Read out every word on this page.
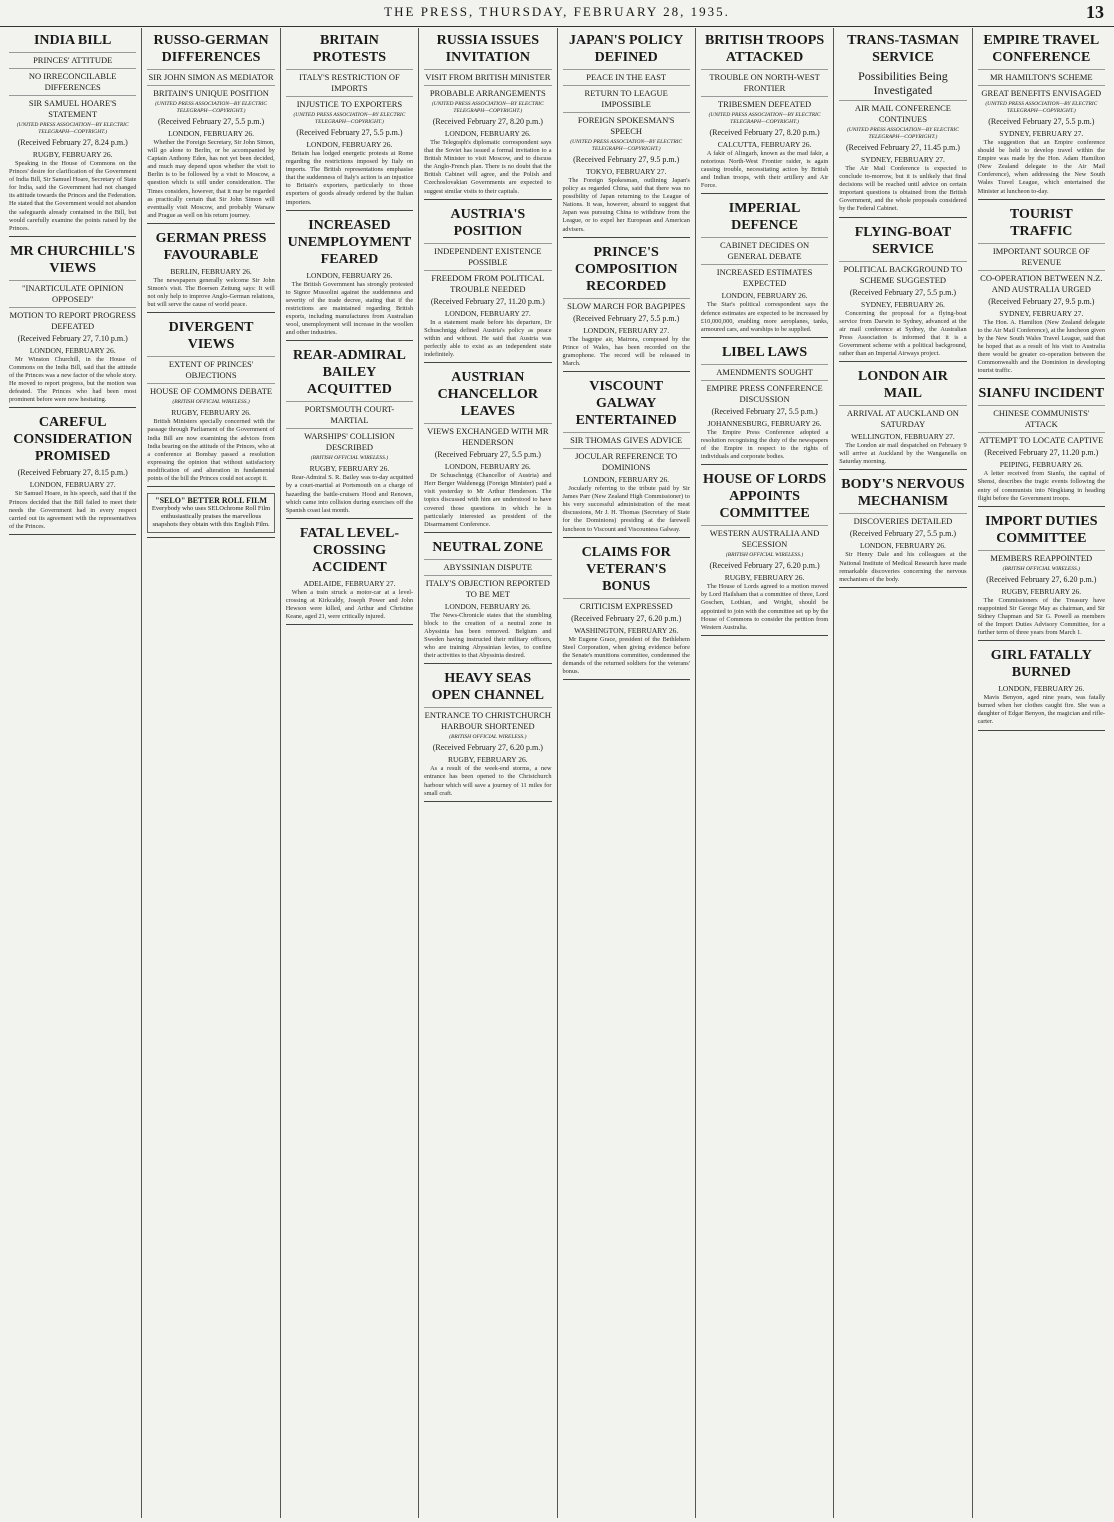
THE PRESS, THURSDAY, FEBRUARY 28, 1935.	13
INDIA BILL
PRINCES' ATTITUDE
NO IRRECONCILABLE DIFFERENCES
SIR SAMUEL HOARE'S STATEMENT
(UNITED PRESS ASSOCIATION—BY ELECTRIC TELEGRAPH—COPYRIGHT.)
(Received February 27, 8.24 p.m.)
RUGBY, FEBRUARY 26.
Speaking in the House of Commons on the Princes' desire for clarification of the Government of India Bill, Sir Samuel Hoare, Secretary of State for India, said the Government had not changed its attitude towards the Princes and the Federation. He stated that the Government would not abandon the safeguards already contained in the Bill, but would carefully examine the points raised by the Princes.
MR CHURCHILL'S VIEWS
"INARTICULATE OPINION OPPOSED"
MOTION TO REPORT PROGRESS DEFEATED
(Received February 27, 7.10 p.m.)
LONDON, FEBRUARY 26.
Mr Winston Churchill, in the House of Commons on the India Bill, said that the attitude of the Princes was a new factor of the whole story. He moved to report progress, but the motion was defeated. The Princes who had been most prominent before were now hesitating.
CAREFUL CONSIDERATION PROMISED
(Received February 27, 8.15 p.m.)
LONDON, FEBRUARY 27.
Sir Samuel Hoare, in his speech, said that if the Princes decided that the Bill failed to meet their needs the Government had in every respect carried out its agreement with the representatives of the Princes.
RUSSO-GERMAN DIFFERENCES
SIR JOHN SIMON AS MEDIATOR
BRITAIN'S UNIQUE POSITION
(UNITED PRESS ASSOCIATION—BY ELECTRIC TELEGRAPH—COPYRIGHT.)
(Received February 27, 5.5 p.m.)
LONDON, FEBRUARY 26.
Whether the Foreign Secretary, Sir John Simon, will go alone to Berlin, or be accompanied by Captain Anthony Eden, has not yet been decided, and much may depend upon whether the visit to Berlin is to be followed by a visit to Moscow, a question which is still under consideration. The Times considers, however, that it may be regarded as practically certain that Sir John Simon will eventually visit Moscow, and probably Warsaw and Prague as well on his return journey.
GERMAN PRESS FAVOURABLE
BERLIN, FEBRUARY 26.
The newspapers generally welcome Sir John Simon's visit. The Boersen Zeitung says: It will not only help to improve Anglo-German relations, but will serve the cause of world peace.
DIVERGENT VIEWS
EXTENT OF PRINCES' OBJECTIONS
HOUSE OF COMMONS DEBATE
(BRITISH OFFICIAL WIRELESS.)
RUGBY, FEBRUARY 26.
British Ministers specially concerned with the passage through Parliament of the Government of India Bill are now examining the advices from India bearing on the attitude of the Princes, who at a conference at Bombay passed a resolution expressing the opinion that without satisfactory modification of and alteration in fundamental points of the bill the Princes could not accept it.
"SELO" BETTER ROLL FILM
Everybody who uses SELOchrome Roll Film enthusiastically praises the marvellous snapshots they obtain with this English Film.
BRITAIN PROTESTS
ITALY'S RESTRICTION OF IMPORTS
INJUSTICE TO EXPORTERS
(UNITED PRESS ASSOCIATION—BY ELECTRIC TELEGRAPH—COPYRIGHT.)
(Received February 27, 5.5 p.m.)
LONDON, FEBRUARY 26.
Britain has lodged energetic protests at Rome regarding the restrictions imposed by Italy on imports. The British representations emphasise that the suddenness of Italy's action is an injustice to Britain's exporters, particularly to those exporters of goods already ordered by the Italian importers.
INCREASED UNEMPLOYMENT FEARED
LONDON, FEBRUARY 26.
The British Government has strongly protested to Signor Mussolini against the suddenness and severity of the trade decree, stating that if the restrictions are maintained regarding British exports, including manufactures from Australian wool, unemployment will increase in the woollen and other industries.
REAR-ADMIRAL BAILEY ACQUITTED
PORTSMOUTH COURT-MARTIAL
WARSHIPS' COLLISION DESCRIBED
(BRITISH OFFICIAL WIRELESS.)
RUGBY, FEBRUARY 26.
Rear-Admiral S. R. Bailey was to-day acquitted by a court-martial at Portsmouth on a charge of hazarding the battle-cruisers Hood and Renown, which came into collision during exercises off the Spanish coast last month.
FATAL LEVEL-CROSSING ACCIDENT
ADELAIDE, FEBRUARY 27.
When a train struck a motor-car at a level-crossing at Kirkcaldy, Joseph Power and John Hewson were killed, and Arthur and Christine Keane, aged 21, were critically injured.
RUSSIA ISSUES INVITATION
VISIT FROM BRITISH MINISTER
PROBABLE ARRANGEMENTS
(UNITED PRESS ASSOCIATION—BY ELECTRIC TELEGRAPH—COPYRIGHT.)
(Received February 27, 8.20 p.m.)
LONDON, FEBRUARY 26.
The Telegraph's diplomatic correspondent says that the Soviet has issued a formal invitation to a British Minister to visit Moscow, and to discuss the Anglo-French plan. There is no doubt that the British Cabinet will agree, and the Polish and Czechoslovakian Governments are expected to suggest similar visits to their capitals.
AUSTRIA'S POSITION
INDEPENDENT EXISTENCE POSSIBLE
FREEDOM FROM POLITICAL TROUBLE NEEDED
(Received February 27, 11.20 p.m.)
LONDON, FEBRUARY 27.
In a statement made before his departure, Dr Schuschnigg defined Austria's policy as peace within and without. He said that Austria was perfectly able to exist as an independent state indefinitely.
AUSTRIAN CHANCELLOR LEAVES
VIEWS EXCHANGED WITH MR HENDERSON
(Received February 27, 5.5 p.m.)
LONDON, FEBRUARY 26.
Dr Schuschnigg (Chancellor of Austria) and Herr Berger Waldenegg (Foreign Minister) paid a visit yesterday to Mr Arthur Henderson. The topics discussed with him are understood to have covered those questions in which he is particularly interested as president of the Disarmament Conference.
NEUTRAL ZONE
ABYSSINIAN DISPUTE
ITALY'S OBJECTION REPORTED TO BE MET
LONDON, FEBRUARY 26.
The News-Chronicle states that the stumbling block to the creation of a neutral zone in Abyssinia has been removed. Belgium and Sweden having instructed their military officers, who are training Abyssinian levies, to confine their activities to that Abyssinia desired.
HEAVY SEAS OPEN CHANNEL
ENTRANCE TO CHRISTCHURCH HARBOUR SHORTENED
(BRITISH OFFICIAL WIRELESS.)
(Received February 27, 6.20 p.m.)
RUGBY, FEBRUARY 26.
As a result of the week-end storms, a new entrance has been opened to the Christchurch harbour which will save a journey of 11 miles for small craft.
JAPAN'S POLICY DEFINED
PEACE IN THE EAST
RETURN TO LEAGUE IMPOSSIBLE
FOREIGN SPOKESMAN'S SPEECH
(UNITED PRESS ASSOCIATION—BY ELECTRIC TELEGRAPH—COPYRIGHT.)
(Received February 27, 9.5 p.m.)
TOKYO, FEBRUARY 27.
The Foreign Spokesman, outlining Japan's policy as regarded China, said that there was no possibility of Japan returning to the League of Nations. It was, however, absurd to suggest that Japan was pursuing China to withdraw from the League, or to expel her European and American advisers.
PRINCE'S COMPOSITION RECORDED
SLOW MARCH FOR BAGPIPES
(Received February 27, 5.5 p.m.)
LONDON, FEBRUARY 27.
The bagpipe air, Mairora, composed by the Prince of Wales, has been recorded on the gramophone. The record will be released in March.
VISCOUNT GALWAY ENTERTAINED
SIR THOMAS GIVES ADVICE
JOCULAR REFERENCE TO DOMINIONS
LONDON, FEBRUARY 26.
Jocularly referring to the tribute paid by Sir James Parr (New Zealand High Commissioner) to his very successful administration of the meat discussions, Mr J. H. Thomas (Secretary of State for the Dominions) presiding at the farewell luncheon to Viscount and Viscountess Galway.
CLAIMS FOR VETERAN'S BONUS
CRITICISM EXPRESSED
(Received February 27, 6.20 p.m.)
WASHINGTON, FEBRUARY 26.
Mr Eugene Grace, president of the Bethlehem Steel Corporation, when giving evidence before the Senate's munitions committee, condemned the demands of the returned soldiers for the veterans' bonus.
BRITISH TROOPS ATTACKED
TROUBLE ON NORTH-WEST FRONTIER
TRIBESMEN DEFEATED
(UNITED PRESS ASSOCIATION—BY ELECTRIC TELEGRAPH—COPYRIGHT.)
(Received February 27, 8.20 p.m.)
CALCUTTA, FEBRUARY 26.
A fakir of Alingarh, known as the mad fakir, a notorious North-West Frontier raider, is again causing trouble, necessitating action by British and Indian troops, with their artillery and Air Force.
IMPERIAL DEFENCE
CABINET DECIDES ON GENERAL DEBATE
INCREASED ESTIMATES EXPECTED
LONDON, FEBRUARY 26.
The Star's political correspondent says the defence estimates are expected to be increased by £10,000,000, enabling more aeroplanes, tanks, armoured cars, and warships to be supplied.
LIBEL LAWS
AMENDMENTS SOUGHT
EMPIRE PRESS CONFERENCE DISCUSSION
(Received February 27, 5.5 p.m.)
JOHANNESBURG, FEBRUARY 26.
The Empire Press Conference adopted a resolution recognising the duty of the newspapers of the Empire in respect to the rights of individuals and corporate bodies.
HOUSE OF LORDS APPOINTS COMMITTEE
WESTERN AUSTRALIA AND SECESSION
(BRITISH OFFICIAL WIRELESS.)
(Received February 27, 6.20 p.m.)
RUGBY, FEBRUARY 26.
The House of Lords agreed to a motion moved by Lord Hailsham that a committee of three, Lord Goschen, Lothian, and Wright, should be appointed to join with the committee set up by the House of Commons to consider the petition from Western Australia.
TRANS-TASMAN SERVICE
Possibilities Being Investigated
AIR MAIL CONFERENCE CONTINUES
(UNITED PRESS ASSOCIATION—BY ELECTRIC TELEGRAPH—COPYRIGHT.)
(Received February 27, 11.45 p.m.)
SYDNEY, FEBRUARY 27.
The Air Mail Conference is expected to conclude to-morrow, but it is unlikely that final decisions will be reached until advice on certain important questions is obtained from the British Government, and the whole proposals considered by the Federal Cabinet.
FLYING-BOAT SERVICE
POLITICAL BACKGROUND TO SCHEME SUGGESTED
(Received February 27, 5.5 p.m.)
SYDNEY, FEBRUARY 26.
Concerning the proposal for a flying-boat service from Darwin to Sydney, advanced at the air mail conference at Sydney, the Australian Press Association is informed that it is a Government scheme with a political background, rather than an Imperial Airways project.
LONDON AIR MAIL
ARRIVAL AT AUCKLAND ON SATURDAY
WELLINGTON, FEBRUARY 27.
The London air mail despatched on February 9 will arrive at Auckland by the Wanganella on Saturday morning.
BODY'S NERVOUS MECHANISM
DISCOVERIES DETAILED
(Received February 27, 5.5 p.m.)
LONDON, FEBRUARY 26.
Sir Henry Dale and his colleagues at the National Institute of Medical Research have made remarkable discoveries concerning the nervous mechanism of the body.
EMPIRE TRAVEL CONFERENCE
MR HAMILTON'S SCHEME
GREAT BENEFITS ENVISAGED
(UNITED PRESS ASSOCIATION—BY ELECTRIC TELEGRAPH—COPYRIGHT.)
(Received February 27, 5.5 p.m.)
SYDNEY, FEBRUARY 27.
The suggestion that an Empire conference should be held to develop travel within the Empire was made by the Hon. Adam Hamilton (New Zealand delegate to the Air Mail Conference), when addressing the New South Wales Travel League, which entertained the Minister at luncheon to-day.
TOURIST TRAFFIC
IMPORTANT SOURCE OF REVENUE
CO-OPERATION BETWEEN N.Z. AND AUSTRALIA URGED
(Received February 27, 9.5 p.m.)
SYDNEY, FEBRUARY 27.
The Hon. A. Hamilton (New Zealand delegate to the Air Mail Conference), at the luncheon given by the New South Wales Travel League, said that he hoped that as a result of his visit to Australia there would be greater co-operation between the Commonwealth and the Dominion in developing tourist traffic.
SIANFU INCIDENT
CHINESE COMMUNISTS' ATTACK
ATTEMPT TO LOCATE CAPTIVE
(Received February 27, 11.20 p.m.)
PEIPING, FEBRUARY 26.
A letter received from Sianfu, the capital of Shensi, describes the tragic events following the entry of communists into Ningkiang in heading flight before the Government troops.
IMPORT DUTIES COMMITTEE
MEMBERS REAPPOINTED
(BRITISH OFFICIAL WIRELESS.)
(Received February 27, 6.20 p.m.)
RUGBY, FEBRUARY 26.
The Commissioners of the Treasury have reappointed Sir George May as chairman, and Sir Sidney Chapman and Sir G. Powell as members of the Import Duties Advisory Committee, for a further term of three years from March 1.
GIRL FATALLY BURNED
LONDON, FEBRUARY 26.
Mavis Benyon, aged nine years, was fatally burned when her clothes caught fire. She was a daughter of Edgar Benyon, the magician and rifle-carter.
